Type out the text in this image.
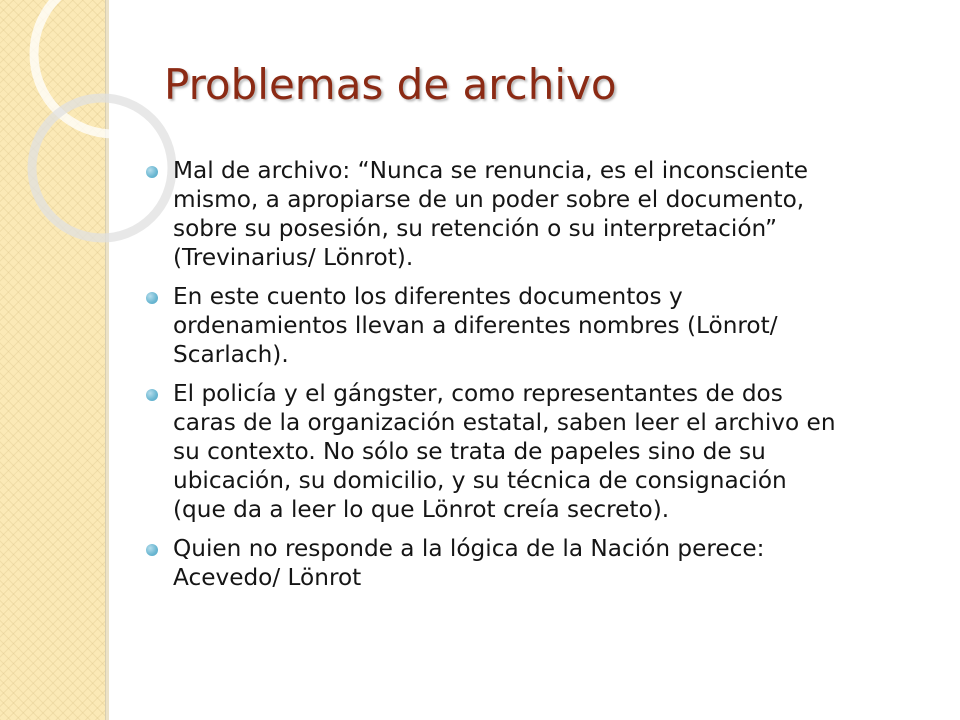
Problemas de archivo
Mal de archivo: “Nunca se renuncia, es el inconsciente
mismo, a apropiarse de un poder sobre el documento,
sobre su posesión, su retención o su interpretación”
(Trevinarius/ Lönrot).
En este cuento los diferentes documentos y
ordenamientos llevan a diferentes nombres (Lönrot/
Scarlach).
El policía y el gángster, como representantes de dos
caras de la organización estatal, saben leer el archivo en
su contexto. No sólo se trata de papeles sino de su
ubicación, su domicilio, y su técnica de consignación
(que da a leer lo que Lönrot creía secreto).
Quien no responde a la lógica de la Nación perece:
Acevedo/ Lönrot
